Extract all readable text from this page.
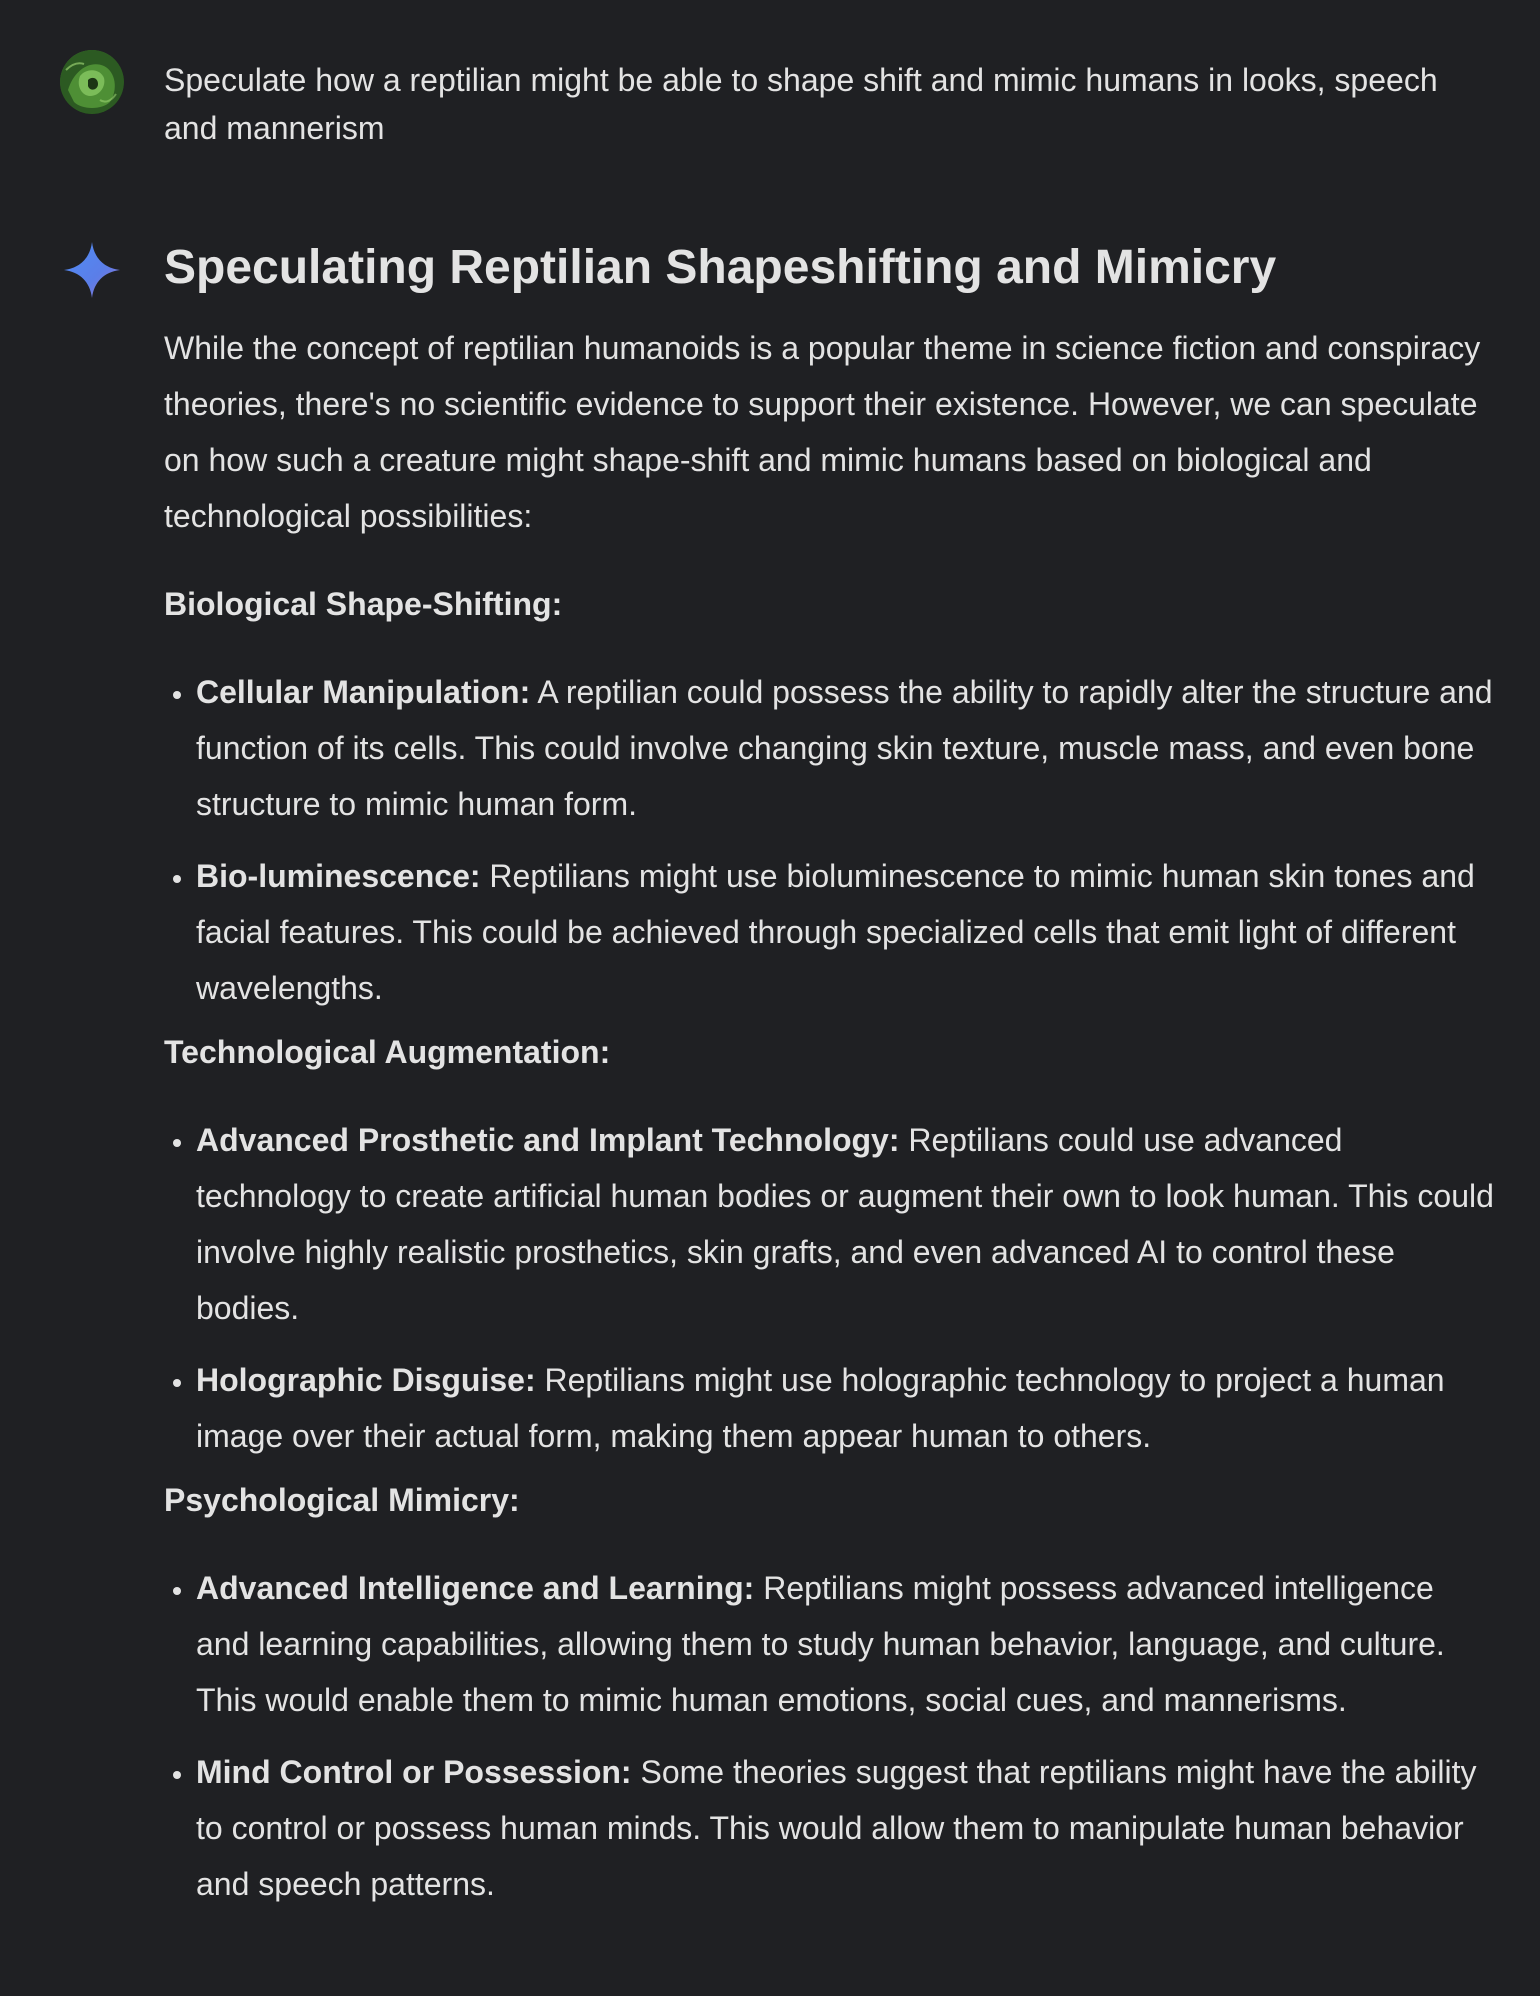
Speculate how a reptilian might be able to shape shift and mimic humans in looks, speech and mannerism
Speculating Reptilian Shapeshifting and Mimicry

While the concept of reptilian humanoids is a popular theme in science fiction and conspiracy theories, there's no scientific evidence to support their existence. However, we can speculate on how such a creature might shape-shift and mimic humans based on biological and technological possibilities:

Biological Shape-Shifting:
• Cellular Manipulation: A reptilian could possess the ability to rapidly alter the structure and function of its cells. This could involve changing skin texture, muscle mass, and even bone structure to mimic human form.
• Bio-luminescence: Reptilians might use bioluminescence to mimic human skin tones and facial features. This could be achieved through specialized cells that emit light of different wavelengths.
Technological Augmentation:
• Advanced Prosthetic and Implant Technology: Reptilians could use advanced technology to create artificial human bodies or augment their own to look human. This could involve highly realistic prosthetics, skin grafts, and even advanced AI to control these bodies.
• Holographic Disguise: Reptilians might use holographic technology to project a human image over their actual form, making them appear human to others.
Psychological Mimicry:
• Advanced Intelligence and Learning: Reptilians might possess advanced intelligence and learning capabilities, allowing them to study human behavior, language, and culture. This would enable them to mimic human emotions, social cues, and mannerisms.
• Mind Control or Possession: Some theories suggest that reptilians might have the ability to control or possess human minds. This would allow them to manipulate human behavior and speech patterns.
